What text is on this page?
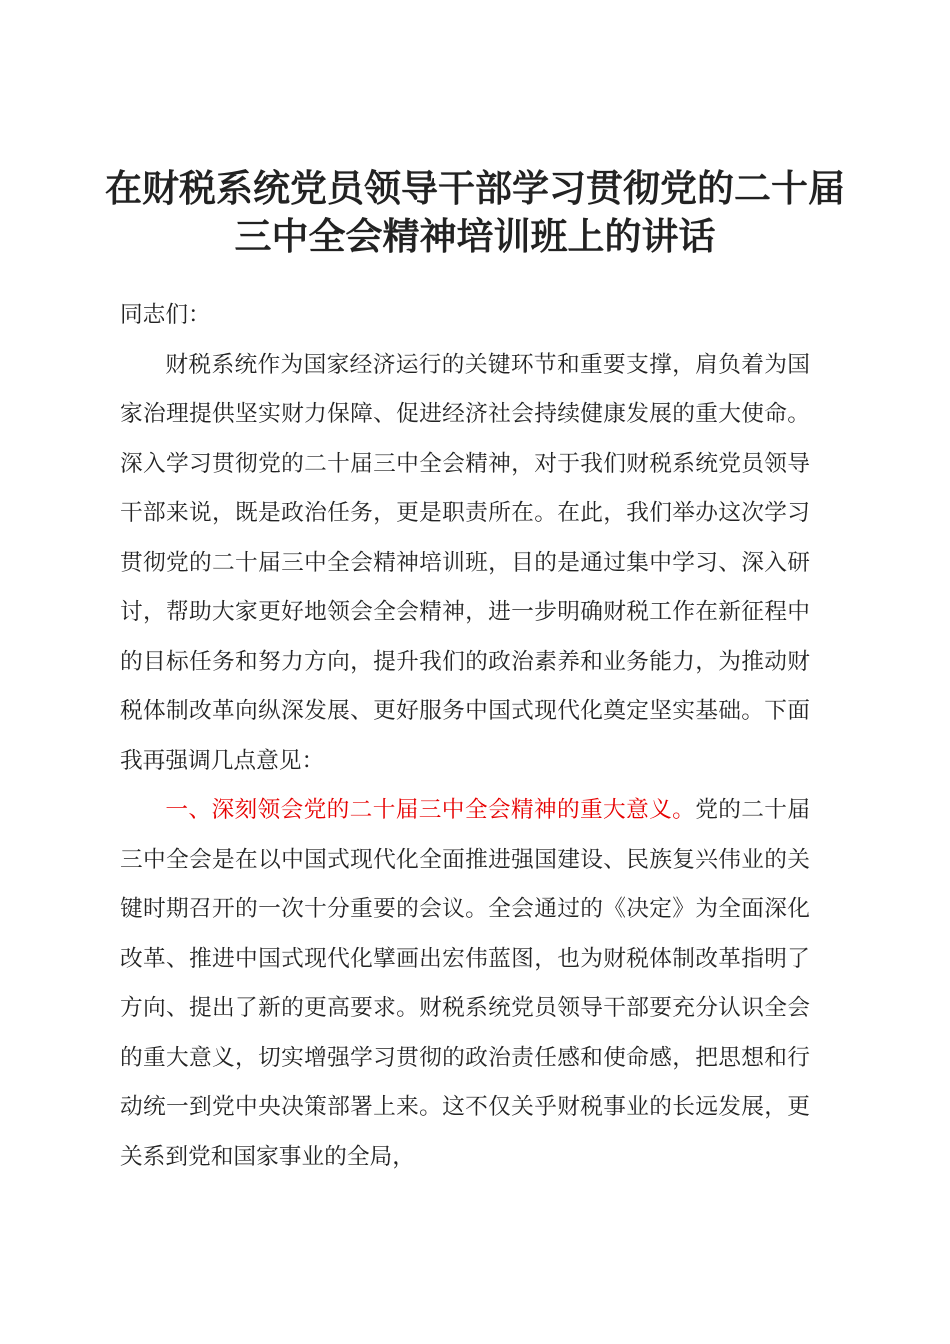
在财税系统党员领导干部学习贯彻党的二十届
三中全会精神培训班上的讲话

同志们：

财税系统作为国家经济运行的关键环节和重要支撑，肩负着为国家治理提供坚实财力保障、促进经济社会持续健康发展的重大使命。深入学习贯彻党的二十届三中全会精神，对于我们财税系统党员领导干部来说，既是政治任务，更是职责所在。在此，我们举办这次学习贯彻党的二十届三中全会精神培训班，目的是通过集中学习、深入研讨，帮助大家更好地领会全会精神，进一步明确财税工作在新征程中的目标任务和努力方向，提升我们的政治素养和业务能力，为推动财税体制改革向纵深发展、更好服务中国式现代化奠定坚实基础。下面我再强调几点意见：

一、深刻领会党的二十届三中全会精神的重大意义。党的二十届三中全会是在以中国式现代化全面推进强国建设、民族复兴伟业的关键时期召开的一次十分重要的会议。全会通过的《决定》为全面深化改革、推进中国式现代化擘画出宏伟蓝图，也为财税体制改革指明了方向、提出了新的更高要求。财税系统党员领导干部要充分认识全会的重大意义，切实增强学习贯彻的政治责任感和使命感，把思想和行动统一到党中央决策部署上来。这不仅关乎财税事业的长远发展，更关系到党和国家事业的全局，
